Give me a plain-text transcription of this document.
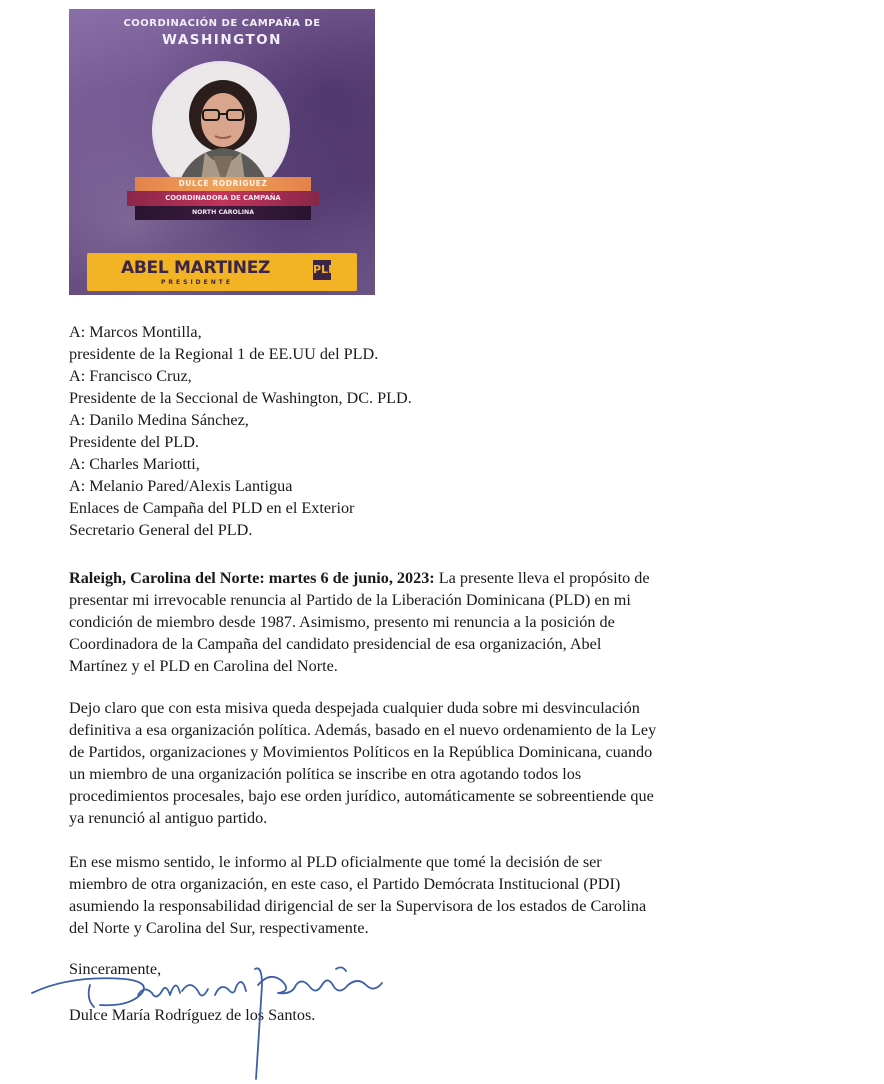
COORDINACIÓN DE CAMPAÑA DE
WASHINGTON
DULCE RODRIGUEZ
COORDINADORA DE CAMPAÑA
NORTH CAROLINA
ABEL MARTINEZ
PRESIDENTE
PLD
A: Marcos Montilla,
presidente de la Regional 1 de EE.UU del PLD.
A: Francisco Cruz,
Presidente de la Seccional de Washington, DC. PLD.
A: Danilo Medina Sánchez,
Presidente del PLD.
A: Charles Mariotti,
A: Melanio Pared/Alexis Lantigua
Enlaces de Campaña del PLD en el Exterior
Secretario General del PLD.
Raleigh, Carolina del Norte: martes 6 de junio, 2023: La presente lleva el propósito de
presentar mi irrevocable renuncia al Partido de la Liberación Dominicana (PLD) en mi
condición de miembro desde 1987. Asimismo, presento mi renuncia a la posición de
Coordinadora de la Campaña del candidato presidencial de esa organización, Abel
Martínez y el PLD en Carolina del Norte.
Dejo claro que con esta misiva queda despejada cualquier duda sobre mi desvinculación
definitiva a esa organización política. Además, basado en el nuevo ordenamiento de la Ley
de Partidos, organizaciones y Movimientos Políticos en la República Dominicana, cuando
un miembro de una organización política se inscribe en otra agotando todos los
procedimientos procesales, bajo ese orden jurídico, automáticamente se sobreentiende que
ya renunció al antiguo partido.
En ese mismo sentido, le informo al PLD oficialmente que tomé la decisión de ser
miembro de otra organización, en este caso, el Partido Demócrata Institucional (PDI)
asumiendo la responsabilidad dirigencial de ser la Supervisora de los estados de Carolina
del Norte y Carolina del Sur, respectivamente.
Sinceramente,
Dulce María Rodríguez de los Santos.
